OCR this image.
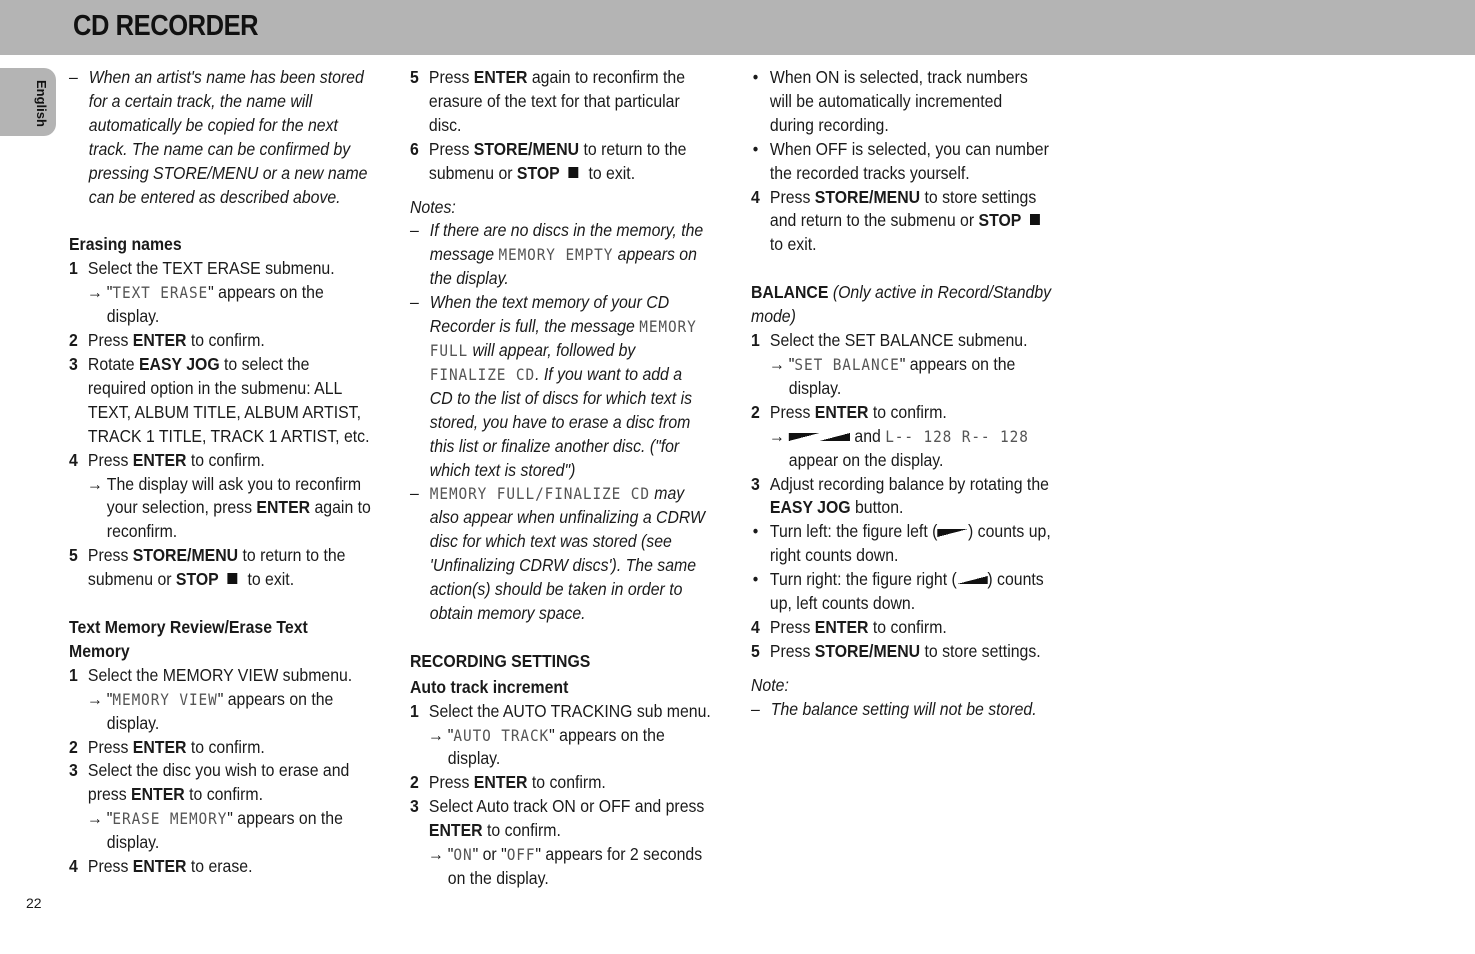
CD RECORDER
English
22
– When an artist's name has been stored

for a certain track, the name will

automatically be copied for the next

track. The name can be confirmed by

pressing STORE/MENU or a new name

can be entered as described above.

Erasing names

1 Select the TEXT ERASE submenu.

→ "TEXT ERASE" appears on the

display.

2 Press ENTER to confirm.

3 Rotate EASY JOG to select the

required option in the submenu: ALL

TEXT, ALBUM TITLE, ALBUM ARTIST,

TRACK 1 TITLE, TRACK 1 ARTIST, etc.

4 Press ENTER to confirm.

→ The display will ask you to reconfirm

your selection, press ENTER again to

reconfirm.

5 Press STORE/MENU to return to the

submenu or STOP to exit.

Text Memory Review/Erase Text

Memory

1 Select the MEMORY VIEW submenu.

→ "MEMORY VIEW" appears on the

display.

2 Press ENTER to confirm.

3 Select the disc you wish to erase and

press ENTER to confirm.

→ "ERASE MEMORY" appears on the

display.

4 Press ENTER to erase.

5 Press ENTER again to reconfirm the

erasure of the text for that particular

disc.

6 Press STORE/MENU to return to the

submenu or STOP to exit.

Notes:

– If there are no discs in the memory, the

message MEMORY EMPTY appears on

the display.

– When the text memory of your CD

Recorder is full, the message MEMORY

FULL will appear, followed by

FINALIZE CD. If you want to add a

CD to the list of discs for which text is

stored, you have to erase a disc from

this list or finalize another disc. ("for

which text is stored")

– MEMORY FULL/FINALIZE CD may

also appear when unfinalizing a CDRW

disc for which text was stored (see

'Unfinalizing CDRW discs'). The same

action(s) should be taken in order to

obtain memory space.

RECORDING SETTINGS

Auto track increment

1 Select the AUTO TRACKING sub menu.

→ "AUTO TRACK" appears on the

display.

2 Press ENTER to confirm.

3 Select Auto track ON or OFF and press

ENTER to confirm.

→ "ON" or "OFF" appears for 2 seconds

on the display.

• When ON is selected, track numbers

will be automatically incremented

during recording.

• When OFF is selected, you can number

the recorded tracks yourself.

4 Press STORE/MENU to store settings

and return to the submenu or STOP

to exit.

BALANCE (Only active in Record/Standby

mode)

1 Select the SET BALANCE submenu.

→ "SET BALANCE" appears on the

display.

2 Press ENTER to confirm.

→	and L-- 128 R-- 128

appear on the display.

3 Adjust recording balance by rotating the

EASY JOG button.

• Turn left: the figure left ( ) counts up,

right counts down.

• Turn right: the figure right ( ) counts

up, left counts down.

4 Press ENTER to confirm.

5 Press STORE/MENU to store settings.

Note:

– The balance setting will not be stored.
